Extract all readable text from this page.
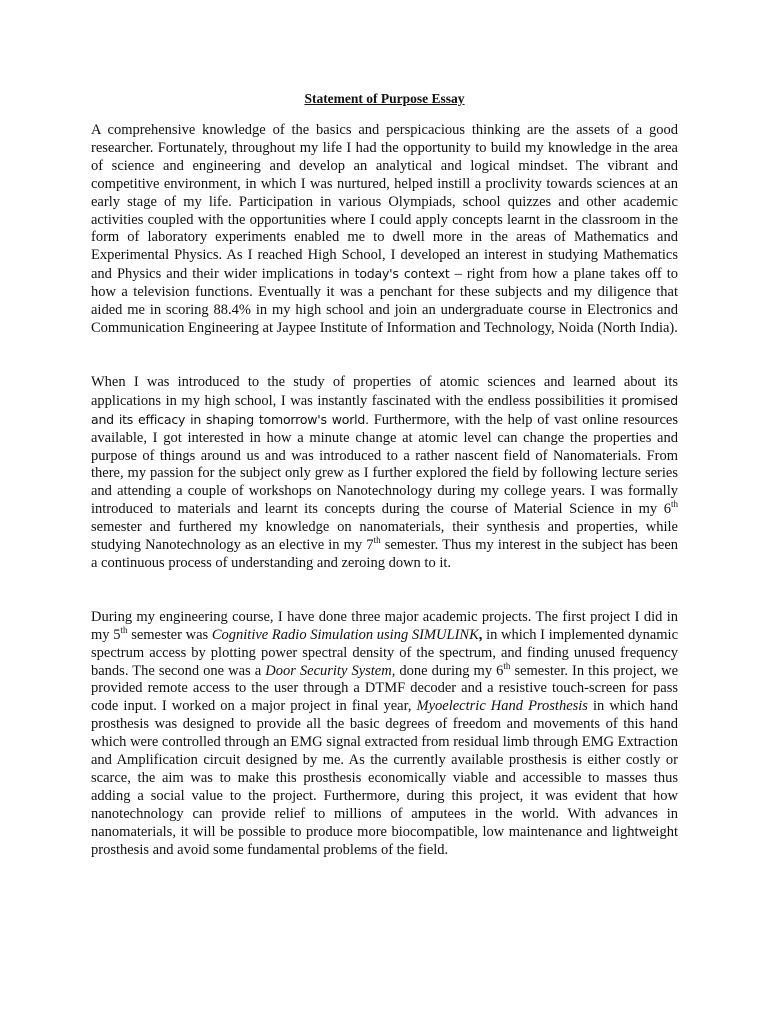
Statement of Purpose Essay

A comprehensive knowledge of the basics and perspicacious thinking are the assets of a good researcher. Fortunately, throughout my life I had the opportunity to build my knowledge in the area of science and engineering and develop an analytical and logical mindset. The vibrant and competitive environment, in which I was nurtured, helped instill a proclivity towards sciences at an early stage of my life. Participation in various Olympiads, school quizzes and other academic activities coupled with the opportunities where I could apply concepts learnt in the classroom in the form of laboratory experiments enabled me to dwell more in the areas of Mathematics and Experimental Physics. As I reached High School, I developed an interest in studying Mathematics and Physics and their wider implications in today's context – right from how a plane takes off to how a television functions. Eventually it was a penchant for these subjects and my diligence that aided me in scoring 88.4% in my high school and join an undergraduate course in Electronics and Communication Engineering at Jaypee Institute of Information and Technology, Noida (North India).

When I was introduced to the study of properties of atomic sciences and learned about its applications in my high school, I was instantly fascinated with the endless possibilities it promised and its efficacy in shaping tomorrow's world. Furthermore, with the help of vast online resources available, I got interested in how a minute change at atomic level can change the properties and purpose of things around us and was introduced to a rather nascent field of Nanomaterials. From there, my passion for the subject only grew as I further explored the field by following lecture series and attending a couple of workshops on Nanotechnology during my college years. I was formally introduced to materials and learnt its concepts during the course of Material Science in my 6th semester and furthered my knowledge on nanomaterials, their synthesis and properties, while studying Nanotechnology as an elective in my 7th semester. Thus my interest in the subject has been a continuous process of understanding and zeroing down to it.

During my engineering course, I have done three major academic projects. The first project I did in my 5th semester was Cognitive Radio Simulation using SIMULINK, in which I implemented dynamic spectrum access by plotting power spectral density of the spectrum, and finding unused frequency bands. The second one was a Door Security System, done during my 6th semester. In this project, we provided remote access to the user through a DTMF decoder and a resistive touch-screen for pass code input. I worked on a major project in final year, Myoelectric Hand Prosthesis in which hand prosthesis was designed to provide all the basic degrees of freedom and movements of this hand which were controlled through an EMG signal extracted from residual limb through EMG Extraction and Amplification circuit designed by me. As the currently available prosthesis is either costly or scarce, the aim was to make this prosthesis economically viable and accessible to masses thus adding a social value to the project. Furthermore, during this project, it was evident that how nanotechnology can provide relief to millions of amputees in the world. With advances in nanomaterials, it will be possible to produce more biocompatible, low maintenance and lightweight prosthesis and avoid some fundamental problems of the field.
